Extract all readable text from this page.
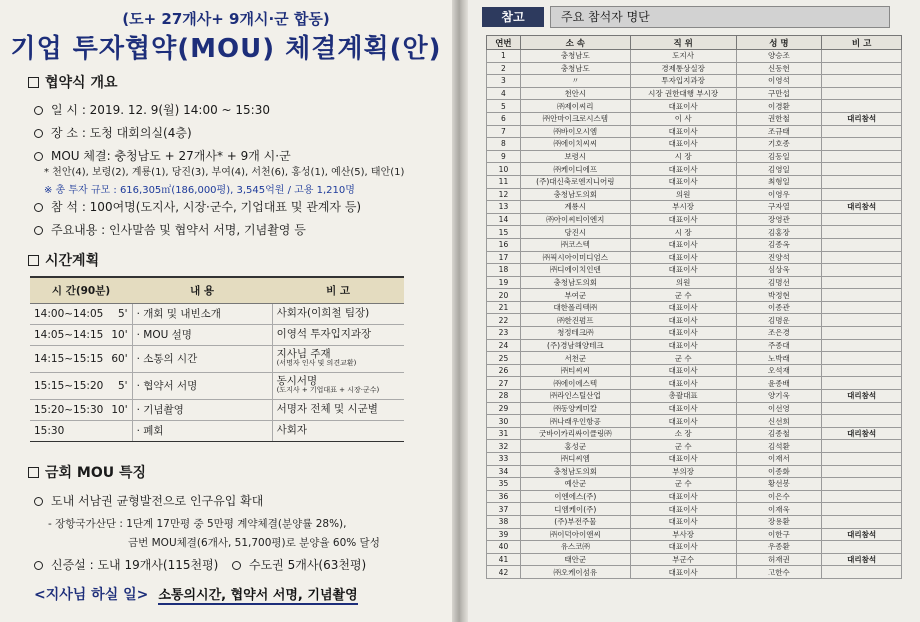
(도+ 27개사+ 9개시·군 합동)
기업 투자협약(MOU) 체결계획(안)
협약식 개요
일 시 : 2019. 12. 9(월) 14:00 ~ 15:30
장 소 : 도청 대회의실(4층)
MOU 체결: 충청남도 + 27개사* + 9개 시·군
* 천안(4), 보령(2), 계룡(1), 당진(3), 부여(4), 서천(6), 홍성(1), 예산(5), 태안(1)
※ 총 투자 규모 : 616,305㎡(186,000평), 3,545억원 / 고용 1,210명
참 석 : 100여명(도지사, 시장·군수, 기업대표 및 관계자 등)
주요내용 : 인사말씀 및 협약서 서명, 기념촬영 등
시간계획
시 간(90분)		내 용	비 고
14:00~14:05	5'	· 개회 및 내빈소개	사회자(이희철 팀장)
14:05~14:15	10'	· MOU 설명	이영석 투자입지과장
14:15~15:15	60'	· 소통의 시간	지사님 주재
(서명자 인사 및 의견교환)

15:15~15:20	5'	· 협약서 서명	동시서명
(도지사 + 기업대표 + 시장·군수)

15:20~15:30	10'	· 기념촬영	서명자 전체 및 시군별
15:30		· 폐회	사회자
금회 MOU 특징
도내 서남권 균형발전으로 인구유입 확대
- 장항국가산단 : 1단계 17만평 중 5만평 계약체결(분양률 28%),
금번 MOU체결(6개사, 51,700평)로 분양율 60% 달성
신증설 : 도내 19개사(115천평)	수도권 5개사(63천평)
<지사님 하실 일> 소통의시간, 협약서 서명, 기념촬영
참고	주요 참석자 명단
연번	소 속	직 위	성 명	비 고
1	충청남도	도지사	양승조	
2	충청남도	경제통상실장	신동헌	
3	〃	투자입지과장	이영석	
4	천안시	시장 권한대행 부시장	구만섭	
5	㈜제이씨리	대표이사	이경환	
6	㈜안마이크로시스템	이 사	권한철	대리참석
7	㈜바이오시엠	대표이사	조규태	
8	㈜에이치씨씨	대표이사	기호종	
9	보령시	시 장	김동일	
10	㈜케이디에프	대표이사	김영일	
11	(주)대신축로엔지니어링	대표이사	최형일	
12	충청남도의회	의원	이영우	
13	계룡시	부시장	구자열	대리참석
14	㈜아이씨티이엔지	대표이사	장영관	
15	당진시	시 장	김홍장	
16	㈜코스텍	대표이사	김종옥	
17	㈜픽시아이미디엄스	대표이사	진양석	
18	㈜디에이치인덴	대표이사	심상욱	
19	충청남도의회	의원	김명선	
20	부여군	군 수	박정현	
21	대한폴리텍㈜	대표이사	이종관	
22	㈜한진펌프	대표이사	김명운	
23	청정테크㈜	대표이사	조은경	
24	(주)경남해양테크	대표이사	주종대	
25	서천군	군 수	노박래	
26	㈜티씨씨	대표이사	오석재	
27	㈜에이에스텍	대표이사	윤종배	
28	㈜라인스틸산업	총괄대표	양기욱	대리참석
29	㈜동양케미칼	대표이사	이선영	
30	㈜나래우인항공	대표이사	신선희	
31	굿바이카리싸이클링㈜	소 장	김종철	대리참석
32	홍성군	군 수	김석환	
33	㈜디씨엠	대표이사	이재서	
34	충청남도의회	부의장	이종화	
35	예산군	군 수	황선봉	
36	이엔에스(주)	대표이사	이은수	
37	디엠케이(주)	대표이사	이재욱	
38	(주)부전주물	대표이사	장용환	
39	㈜이덕아이앤씨	부사장	이한구	대리참석
40	유스코㈜	대표이사	우종환	
41	태안군	부군수	허재권	대리참석
42	㈜오케이섬유	대표이사	고한수	
